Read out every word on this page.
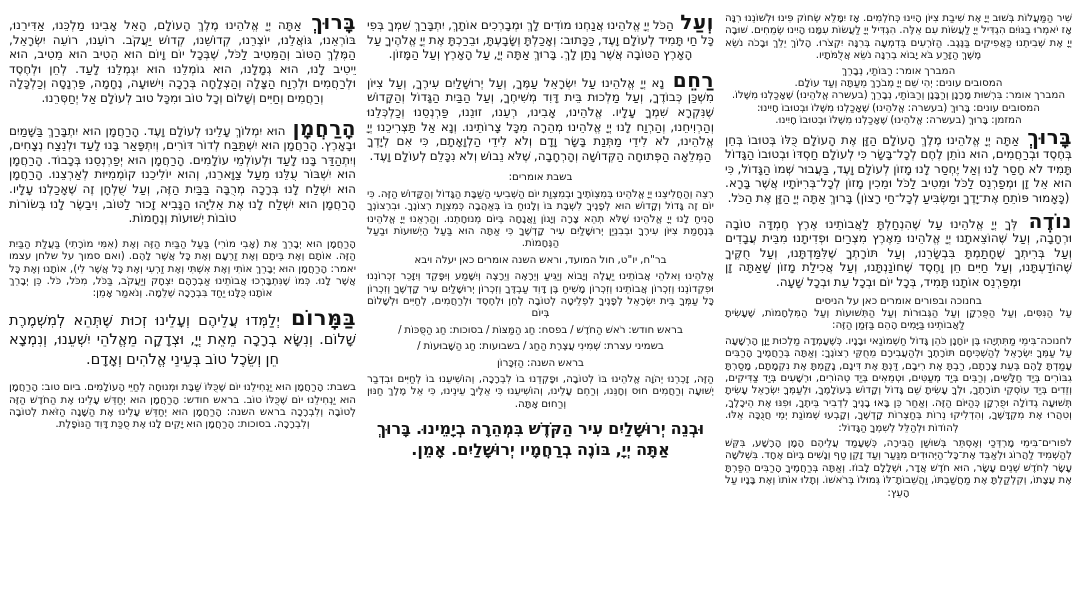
שִׁיר הַמַּעֲלוֹת בְּשׁוּב יְיָ אֶת שִׁיבַת צִיּוֹן הָיִינוּ כְּחֹלְמִים. אָז יִמָּלֵא שְׂחוֹק פִּינוּ וּלְשׁוֹנֵנוּ רִנָּה אָז יֹאמְרוּ בַגּוֹיִם הִגְדִּיל יְיָ לַעֲשׂוֹת עִם אֵלֶּה. הִגְדִּיל יְיָ לַעֲשׂוֹת עִמָּנוּ הָיִינוּ שְׂמֵחִים. שׁוּבָה יְיָ אֶת שְׁבִיתֵנוּ כַּאֲפִיקִים בַּנֶּגֶב. הַזֹּרְעִים בְּדִמְעָה בְּרִנָּה יִקְצֹרוּ. הָלוֹךְ יֵלֵךְ וּבָכֹה נֹשֵׂא מֶשֶׁךְ הַזָּרַע בֹּא יָבוֹא בְרִנָּה נֹשֵׂא אֲלֻמֹּתָיו.

המברך אומר: רַבּוֹתַי, נְבָרֵךְ

המסובים עונים: יְהִי שֵׁם יְיָ מְבֹרָךְ מֵעַתָּה וְעַד עוֹלָם.

המברך אומר: בִּרְשׁוּת מָרָנָן וְרַבָּנָן וְרַבּוֹתַי, נְבָרֵךְ (בעשרה אֱלֹהֵינוּ) שֶׁאָכַלְנוּ מִשֶּׁלוֹ.

המסובים עונים: בָּרוּךְ (בעשרה: אֱלֹהֵינוּ) שֶׁאָכַלְנוּ מִשֶּׁלוֹ וּבְטוּבוֹ חָיִינוּ:

המזמן: בָּרוּךְ (בעשרה: אֱלֹהֵינוּ) שֶׁאָכַלְנוּ מִשֶּׁלוֹ וּבְטוּבוֹ חָיִינוּ.

בָּרוּךְ אַתָּה יְיָ אֱלֹהֵינוּ מֶלֶךְ הָעוֹלָם הַזָּן אֶת הָעוֹלָם כֻּלּוֹ בְּטוּבוֹ בְּחֵן בְּחֶסֶד וּבְרַחֲמִים, הוּא נוֹתֵן לֶחֶם לְכָל־בָּשָׂר כִּי לְעוֹלָם חַסְדּוֹ וּבְטוּבוֹ הַגָּדוֹל תָּמִיד לֹא חָסַר לָנוּ וְאַל יֶחְסַר לָנוּ מָזוֹן לְעוֹלָם וָעֶד, בַּעֲבוּר שְׁמוֹ הַגָּדוֹל, כִּי הוּא אֵל זָן וּמְפַרְנֵס לַכֹּל וּמֵטִיב לַכֹּל וּמֵכִין מָזוֹן לְכָל־בְּרִיּוֹתָיו אֲשֶׁר בָּרָא. (כָּאָמוּר פּוֹתֵחַ אֶת־יָדֶךָ וּמַשְׂבִּיעַ לְכָל־חַי רָצוֹן) בָּרוּךְ אַתָּה יְיָ הַזָּן אֶת הַכֹּל.

נוֹדֶה לְּךָ יְיָ אֱלֹהֵינוּ עַל שֶׁהִנְחַלְתָּ לַאֲבוֹתֵינוּ אֶרֶץ חֶמְדָּה טוֹבָה וּרְחָבָה, וְעַל שֶׁהוֹצֵאתָנוּ יְיָ אֱלֹהֵינוּ מֵאֶרֶץ מִצְרַיִם וּפְדִיתָנוּ מִבֵּית עֲבָדִים וְעַל בְּרִיתְךָ שֶׁחָתַמְתָּ בִּבְשָׂרֵנוּ, וְעַל תּוֹרָתְךָ שֶׁלִּמַּדְתָּנוּ, וְעַל חֻקֶּיךָ שֶׁהוֹדַעְתָּנוּ, וְעַל חַיִּים חֵן וָחֶסֶד שֶׁחוֹנַנְתָּנוּ, וְעַל אֲכִילַת מָזוֹן שָׁאַתָּה זָן וּמְפַרְנֵס אוֹתָנוּ תָּמִיד, בְּכָל יוֹם וּבְכָל עֵת וּבְכָל שָׁעָה.

בחנוכה ובפורים אומרים כאן על הניסים

עַל הַנִּסִּים, וְעַל הַפֻּרְקָן וְעַל הַגְּבוּרוֹת וְעַל הַתְּשׁוּעוֹת וְעַל הַמִּלְחָמוֹת, שֶׁעָשִׂיתָ לַאֲבוֹתֵינוּ בַּיָּמִים הָהֵם בַּזְּמַן הַזֶּה:

לחנוכה־בִּימֵי מַתִּתְיָהוּ בֶּן יוֹחָנָן כֹּהֵן גָּדוֹל חַשְׁמוֹנַאי וּבָנָיו. כְּשֶׁעָמְדָה מַלְכוּת יָוָן הָרְשָׁעָה עַל עַמְּךָ יִשְׂרָאֵל לְהַשְׁכִּיחָם תּוֹרָתֶךָ וּלְהַעֲבִירָם מֵחֻקֵּי רְצוֹנֶךָ: וְאַתָּה בְּרַחֲמֶיךָ הָרַבִּים עָמַדְתָּ לָהֶם בְּעֵת צָרָתָם, רַבְתָּ אֶת רִיבָם, דַּנְתָּ אֶת דִּינָם, נָקַמְתָּ אֶת נִקְמָתָם, מָסַרְתָּ גִבּוֹרִים בְּיַד חַלָּשִׁים, וְרַבִּים בְּיַד מְעַטִּים, וּטְמֵאִים בְּיַד טְהוֹרִים, וּרְשָׁעִים בְּיַד צַדִּיקִים, וְזֵדִים בְּיַד עוֹסְקֵי תוֹרָתֶךָ, וּלְךָ עָשִׂיתָ שֵׁם גָּדוֹל וְקָדוֹשׁ בְּעוֹלָמֶךָ, וּלְעַמְּךָ יִשְׂרָאֵל עָשִׂיתָ תְּשׁוּעָה גְדוֹלָה וּפֻרְקָן כְּהַיּוֹם הַזֶּה. וְאַחַר כֵּן בָּאוּ בָנֶיךָ לִדְבִיר בֵּיתֶךָ, וּפִנּוּ אֶת הֵיכָלֶךָ, וְטִהֲרוּ אֶת מִקְדָּשֶׁךָ, וְהִדְלִיקוּ נֵרוֹת בְּחַצְרוֹת קָדְשֶׁךָ, וְקָבְעוּ שְׁמוֹנַת יְמֵי חֲנֻכָּה אֵלּוּ. לְהוֹדוֹת וּלְהַלֵּל לְשִׁמְךָ הַגָּדוֹל:

לפורים־בִּימֵי מָרְדְּכַי וְאֶסְתֵּר בְּשׁוּשַׁן הַבִּירָה, כְּשֶׁעָמַד עֲלֵיהֶם הָמָן הָרָשָׁע, בִּקֵּשׁ לְהַשְׁמִיד לַהֲרוֹג וּלְאַבֵּד אֶת־כָּל־הַיְּהוּדִים מִנַּעַר וְעַד זָקֵן טַף וְנָשִׁים בְּיוֹם אֶחָד. בִּשְׁלֹשָׁה עָשָׂר לְחֹדֶשׁ שְׁנֵים עָשָׂר, הוּא חֹדֶשׁ אֲדָר, וּשְׁלָלָם לָבוֹז. וְאַתָּה בְּרַחֲמֶיךָ הָרַבִּים הֵפַרְתָּ אֶת עֲצָתוֹ, וְקִלְקַלְתָּ אֶת מַחֲשַׁבְתּוֹ, וַהֲשֵׁבוֹתָ־לּוֹ גְּמוּלוֹ בְּרֹאשׁוֹ. וְתָלוּ אוֹתוֹ וְאֶת בָּנָיו עַל הָעֵץ:

וְעַל הַכֹּל יְיָ אֱלֹהֵינוּ אֲנַחְנוּ מוֹדִים לָךְ וּמְבָרְכִים אוֹתָךְ, יִתְבָּרַךְ שִׁמְךָ בְּפִי כָּל חַי תָּמִיד לְעוֹלָם וָעֶד, כַּכָּתוּב: וְאָכַלְתָּ וְשָׂבָעְתָּ, וּבֵרַכְתָּ אֶת יְיָ אֱלֹהֶיךָ עַל הָאָרֶץ הַטּוֹבָה אֲשֶׁר נָתַן לָךְ. בָּרוּךְ אַתָּה יְיָ, עַל הָאָרֶץ וְעַל הַמָּזוֹן.

רַחֵם נָא יְיָ אֱלֹהֵינוּ עַל יִשְׂרָאֵל עַמֶּךָ, וְעַל יְרוּשָׁלַיִם עִירֶךָ, וְעַל צִיּוֹן מִשְׁכַּן כְּבוֹדֶךָ, וְעַל מַלְכוּת בֵּית דָּוִד מְשִׁיחֶךָ, וְעַל הַבַּיִת הַגָּדוֹל וְהַקָּדוֹשׁ שֶׁנִּקְרָא שִׁמְךָ עָלָיו. אֱלֹהֵינוּ, אָבִינוּ, רְעֵנוּ, זוּנֵנוּ, פַּרְנְסֵנוּ וְכַלְכְּלֵנוּ וְהַרְוִיחֵנוּ, וְהַרְוַח לָנוּ יְיָ אֱלֹהֵינוּ מְהֵרָה מִכָּל צָרוֹתֵינוּ. וְנָא אַל תַּצְרִיכֵנוּ יְיָ אֱלֹהֵינוּ, לֹא לִידֵי מַתְּנַת בָּשָׂר וָדָם וְלֹא לִידֵי הַלְוָאָתָם, כִּי אִם לְיָדְךָ הַמְּלֵאָה הַפְּתוּחָה הַקְּדוֹשָׁה וְהָרְחָבָה, שֶׁלֹּא נֵבוֹשׁ וְלֹא נִכָּלֵם לְעוֹלָם וָעֶד.

בשבת אומרים:

רְצֵה וְהַחֲלִיצֵנוּ יְיָ אֱלֹהֵינוּ בְּמִצְוֹתֶיךָ וּבְמִצְוַת יוֹם הַשְּׁבִיעִי הַשַּׁבָּת הַגָּדוֹל וְהַקָּדוֹשׁ הַזֶּה. כִּי יוֹם זֶה גָּדוֹל וְקָדוֹשׁ הוּא לְפָנֶיךָ לִשְׁבָּת בּוֹ וְלָנוּחַ בּוֹ בְּאַהֲבָה כְּמִצְוַת רְצוֹנֶךָ. וּבִרְצוֹנְךָ הָנִיחַ לָנוּ יְיָ אֱלֹהֵינוּ שֶׁלֹּא תְהֵא צָרָה וְיָגוֹן וַאֲנָחָה בְּיוֹם מְנוּחָתֵנוּ. וְהַרְאֵנוּ יְיָ אֱלֹהֵינוּ בְּנֶחָמַת צִיּוֹן עִירֶךָ וּבְבִנְיַן יְרוּשָׁלַיִם עִיר קָדְשֶׁךָ כִּי אַתָּה הוּא בַּעַל הַיְשׁוּעוֹת וּבַעַל הַנֶּחָמוֹת.

בר"ח, יו"ט, חול המועד, וראש השנה אומרים כאן יעלה ויבא

אֱלֹהֵינוּ וֵאלֹהֵי אֲבוֹתֵינוּ יַעֲלֶה וְיָבוֹא וְיַגִּיעַ וְיֵרָאֶה וְיֵרָצֶה וְיִשָּׁמַע וְיִפָּקֵד וְיִזָּכֵר זִכְרוֹנֵנוּ וּפִקְדוֹנֵנוּ וְזִכְרוֹן אֲבוֹתֵינוּ וְזִכְרוֹן מָשִׁיחַ בֶּן דָּוִד עַבְדֶּךָ וְזִכְרוֹן יְרוּשָׁלַיִם עִיר קָדְשֶׁךָ וְזִכְרוֹן כָּל עַמְּךָ בֵּית יִשְׂרָאֵל לְפָנֶיךָ לִפְלֵיטָה לְטוֹבָה לְחֵן וּלְחֶסֶד וּלְרַחֲמִים, לְחַיִּים וּלְשָׁלוֹם בְּיוֹם

בראש חודש: רֹאשׁ הַחֹדֶשׁ / בפסח: חַג הַמַּצּוֹת / בסוכות: חַג הַסֻּכּוֹת /

בשמיני עצרת: שְׁמִינִי עֲצֶרֶת הַחַג / בשבועות: חַג הַשָּׁבוּעוֹת /

בראש השנה: הַזִּכָּרוֹן

הַזֶּה, זָכְרֵנוּ יְהֹוָה אֱלֹהֵינוּ בּוֹ לְטוֹבָה, וּפָקְדֵנוּ בוֹ לִבְרָכָה, וְהוֹשִׁיעֵנוּ בוֹ לְחַיִּים וּבִדְבַר יְשׁוּעָה וְרַחֲמִים חוּס וְחָנֵּנוּ, וְרַחֵם עָלֵינוּ, וְהוֹשִׁיעֵנוּ כִּי אֵלֶיךָ עֵינֵינוּ, כִּי אֵל מֶלֶךְ חַנּוּן וְרַחוּם אָתָּה.

וּבְנֵה יְרוּשָׁלַיִם עִיר הַקֹּדֶשׁ בִּמְהֵרָה בְיָמֵינוּ. בָּרוּךְ אַתָּה יְיָ, בּוֹנֶה בְרַחֲמָיו יְרוּשָׁלַיִם. אָמֵן.

בָּרוּךְ אַתָּה יְיָ אֱלֹהֵינוּ מֶלֶךְ הָעוֹלָם, הָאֵל אָבִינוּ מַלְכֵּנוּ, אַדִּירֵנוּ, בּוֹרְאֵנוּ, גּוֹאֲלֵנוּ, יוֹצְרֵנוּ, קְדוֹשֵׁנוּ, קְדוֹשׁ יַעֲקֹב. רוֹעֵנוּ, רוֹעֵה יִשְׂרָאֵל, הַמֶּלֶךְ הַטּוֹב וְהַמֵּטִיב לַכֹּל, שֶׁבְּכָל יוֹם וָיוֹם הוּא הֵטִיב הוּא מֵטִיב, הוּא יֵיטִיב לָנוּ, הוּא גְמָלָנוּ, הוּא גוֹמְלֵנוּ הוּא יִגְמְלֵנוּ לָעַד. לְחֵן וּלְחֶסֶד וּלְרַחֲמִים וּלְרֶוַח הַצָּלָה וְהַצְלָחָה בְּרָכָה וִישׁוּעָה, נֶחָמָה, פַּרְנָסָה וְכַלְכָּלָה וְרַחֲמִים וְחַיִּים וְשָׁלוֹם וְכָל טוֹב וּמִכָּל טוּב לְעוֹלָם אַל יְחַסְּרֵנוּ.

הָרַחֲמָן הוּא יִמְלוֹךְ עָלֵינוּ לְעוֹלָם וָעֶד. הָרַחֲמָן הוּא יִתְבָּרַךְ בַּשָּׁמַיִם וּבָאָרֶץ. הָרַחֲמָן הוּא יִשְׁתַּבַּח לְדוֹר דּוֹרִים, וְיִתְפָּאַר בָּנוּ לָעַד וּלְנֵצַח נְצָחִים, וְיִתְהַדַּר בָּנוּ לָעַד וּלְעוֹלְמֵי עוֹלָמִים. הָרַחֲמָן הוּא יְפַרְנְסֵנוּ בְּכָבוֹד. הָרַחֲמָן הוּא יִשְׁבּוֹר עֻלֵּנוּ מֵעַל צַוָּארֵנוּ, וְהוּא יוֹלִיכֵנוּ קוֹמְמִיּוּת לְאַרְצֵנוּ. הָרַחֲמָן הוּא יִשְׁלַח לָנוּ בְּרָכָה מְרֻבָּה בַּבַּיִת הַזֶּה, וְעַל שֻׁלְחָן זֶה שֶׁאָכַלְנוּ עָלָיו. הָרַחֲמָן הוּא יִשְׁלַח לָנוּ אֶת אֵלִיָּהוּ הַנָּבִיא זָכוּר לַטּוֹב, וִיבַשֶּׂר לָנוּ בְּשׂוֹרוֹת טוֹבוֹת יְשׁוּעוֹת וְנֶחָמוֹת.

הָרַחֲמָן הוּא יְבָרֵךְ אֶת (אָבִי מוֹרִי) בַּעַל הַבַּיִת הַזֶּה וְאֶת (אִמִּי מוֹרָתִי) בַּעֲלַת הַבַּיִת הַזֶּה. אוֹתָם וְאֶת בֵּיתָם וְאֶת זַרְעָם וְאֶת כָּל אֲשֶׁר לָהֶם. (ואם סמוך על שלחן עצמו יאמר: הָרַחֲמָן הוּא יְבָרֵךְ אוֹתִי וְאֶת אִשְׁתִּי וְאֶת זַרְעִי וְאֶת כָּל אֲשֶׁר לִי), אוֹתָנוּ וְאֶת כָּל אֲשֶׁר לָנוּ. כְּמוֹ שֶׁנִּתְבָּרְכוּ אֲבוֹתֵינוּ אַבְרָהָם יִצְחָק וְיַעֲקֹב, בַּכֹּל, מִכֹּל, כֹּל. כֵּן יְבָרֵךְ אוֹתָנוּ כֻּלָּנוּ יַחַד בִּבְרָכָה שְׁלֵמָה. וְנֹאמַר אָמֵן:

בַּמָּרוֹם יְלַמְּדוּ עֲלֵיהֶם וְעָלֵינוּ זְכוּת שֶׁתְּהֵא לְמִשְׁמֶרֶת שָׁלוֹם. וְנִשָּׂא בְרָכָה מֵאֵת יְיָ, וּצְדָקָה מֵאֱלֹהֵי יִשְׁעֵנוּ, וְנִמְצָא חֵן וְשֵׂכֶל טוֹב בְּעֵינֵי אֱלֹהִים וְאָדָם.

בשבת: הָרַחֲמָן הוּא יַנְחִילֵנוּ יוֹם שֶׁכֻּלּוֹ שַׁבָּת וּמְנוּחָה לְחַיֵּי הָעוֹלָמִים. ביום טוב: הָרַחֲמָן הוּא יַנְחִילֵנוּ יוֹם שֶׁכֻּלּוֹ טוֹב. בראש חודש: הָרַחֲמָן הוּא יְחַדֵּשׁ עָלֵינוּ אֶת הַחֹדֶשׁ הַזֶּה לְטוֹבָה וְלִבְרָכָה בראש השנה: הָרַחֲמָן הוּא יְחַדֵּשׁ עָלֵינוּ אֶת הַשָּׁנָה הַזֹּאת לְטוֹבָה וְלִבְרָכָה. בסוכות: הָרַחֲמָן הוּא יָקִים לָנוּ אֶת סֻכַּת דָּוִד הַנּוֹפָלֶת.
